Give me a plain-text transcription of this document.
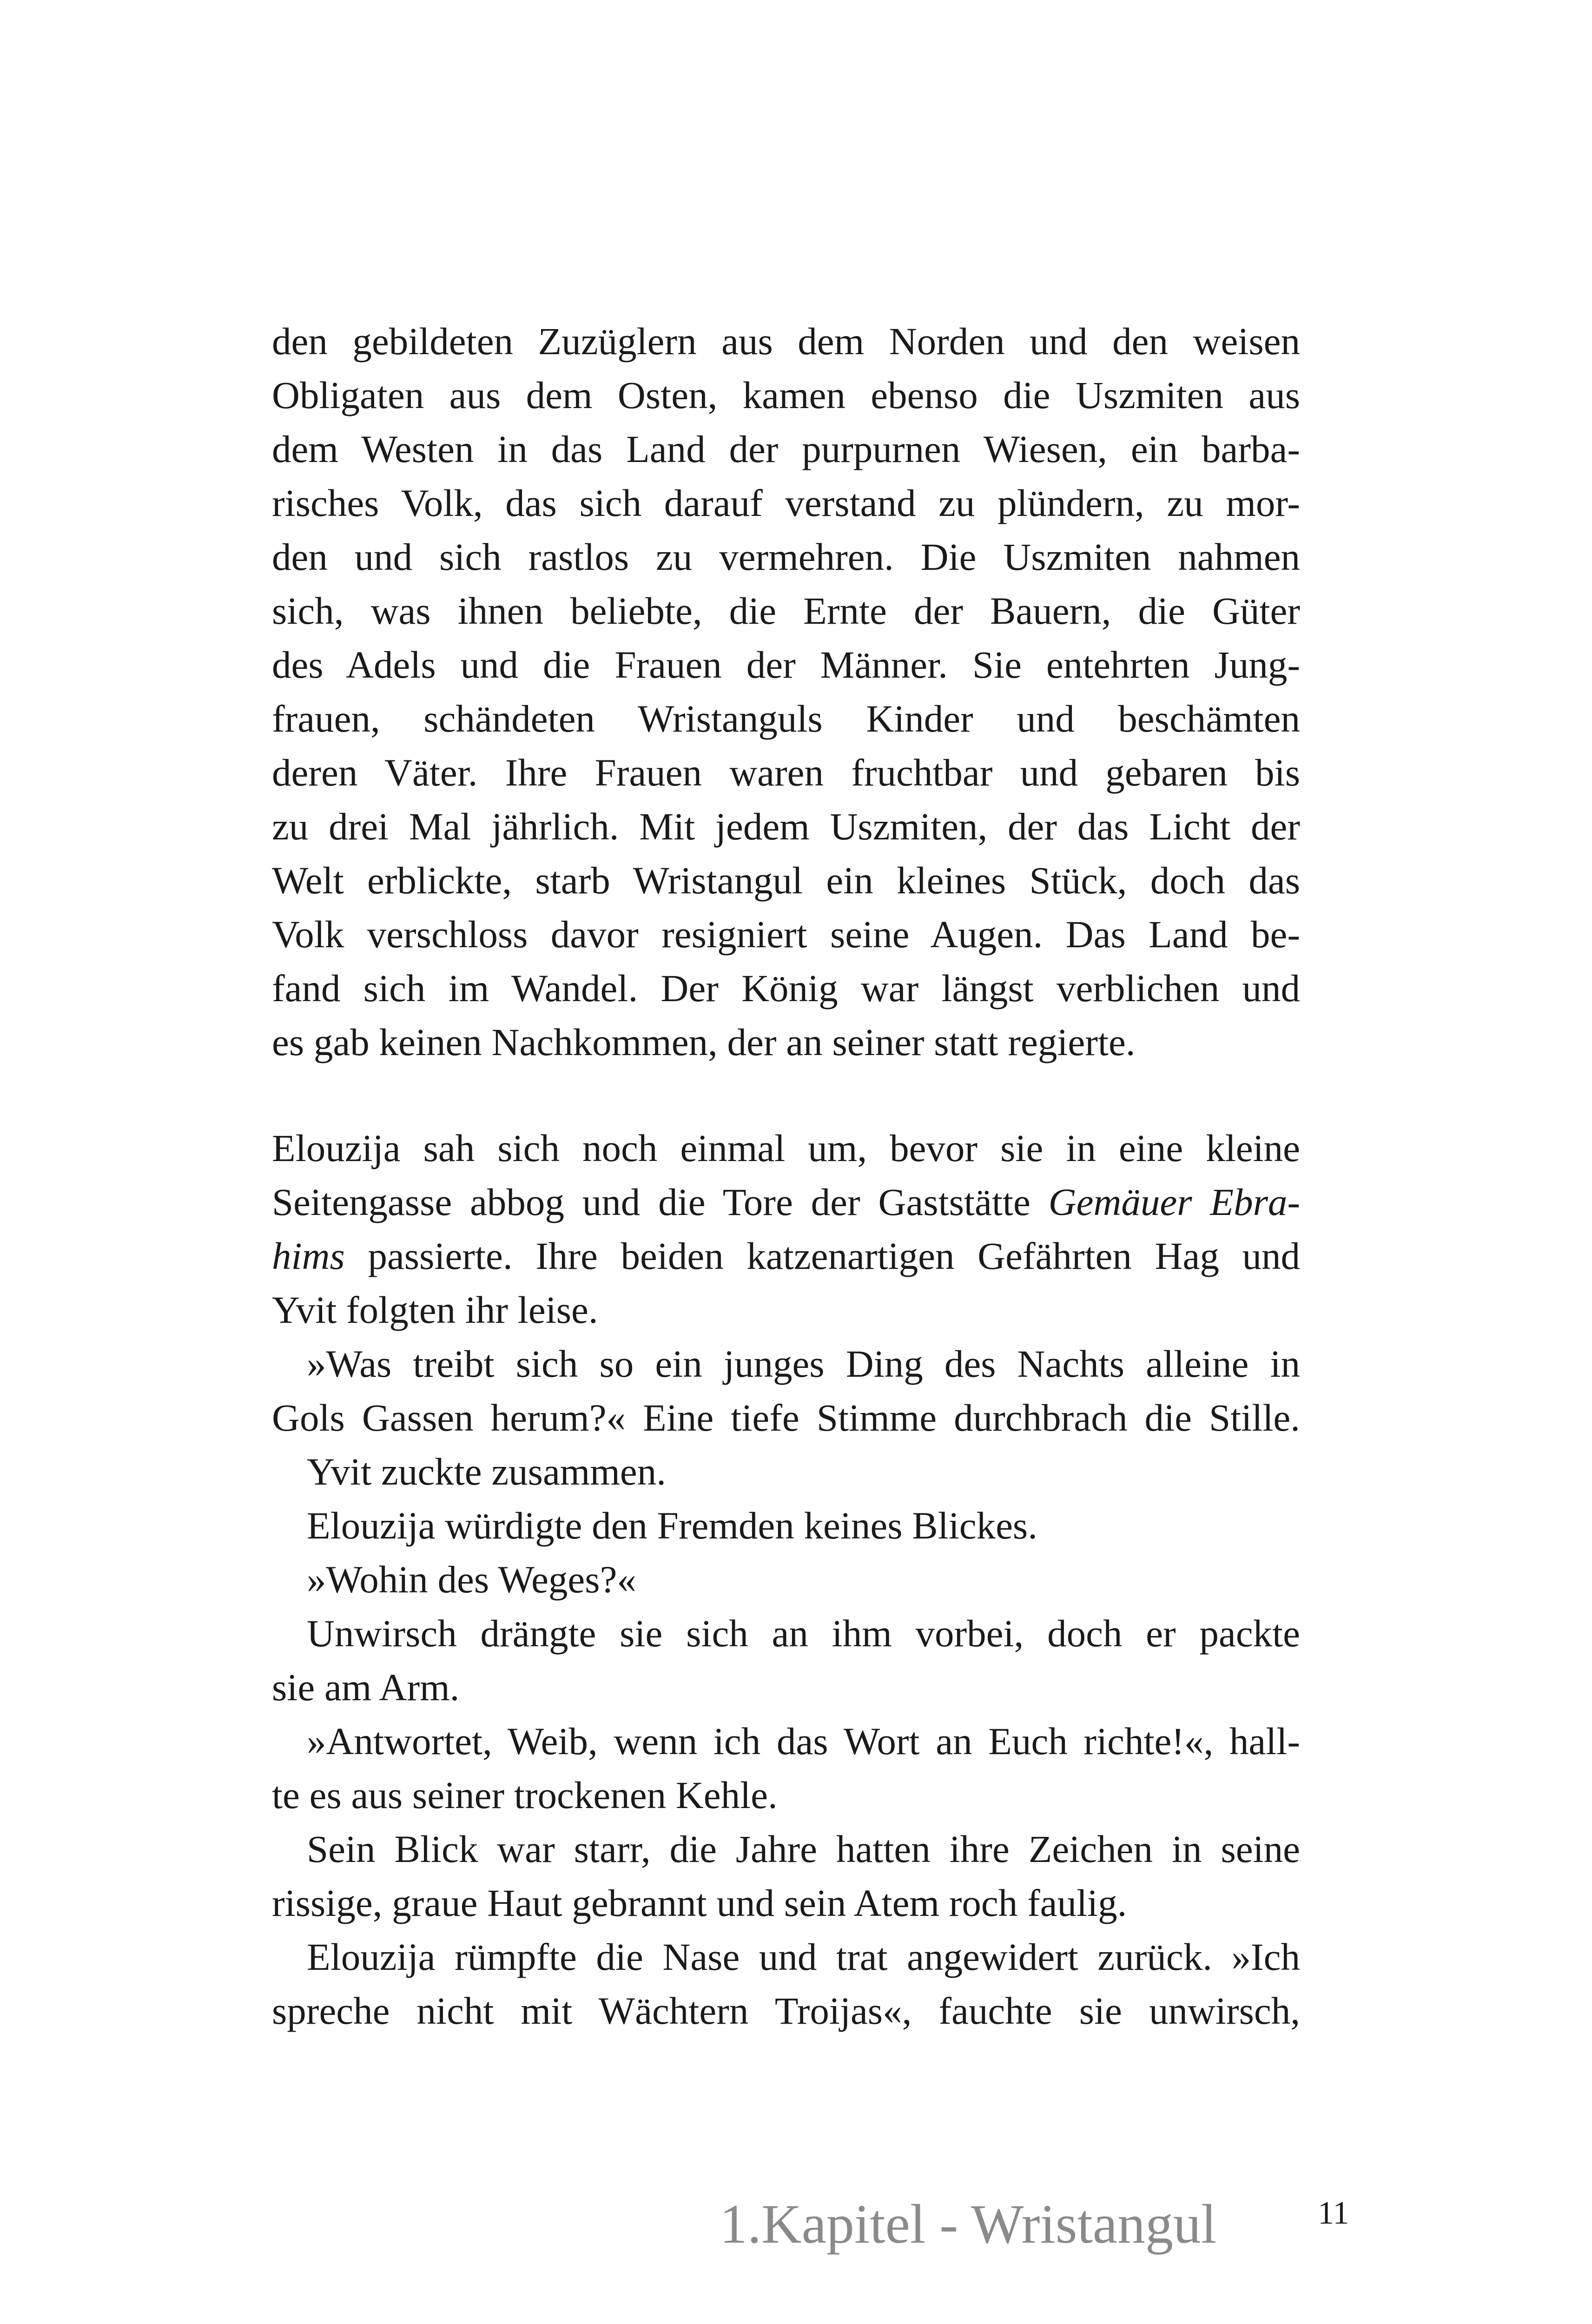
den gebildeten Zuzüglern aus dem Norden und den weisen
Obligaten aus dem Osten, kamen ebenso die Uszmiten aus
dem Westen in das Land der purpurnen Wiesen, ein barba-
risches Volk, das sich darauf verstand zu plündern, zu mor-
den und sich rastlos zu vermehren. Die Uszmiten nahmen
sich, was ihnen beliebte, die Ernte der Bauern, die Güter
des Adels und die Frauen der Männer. Sie entehrten Jung-
frauen, schändeten Wristanguls Kinder und beschämten
deren Väter. Ihre Frauen waren fruchtbar und gebaren bis
zu drei Mal jährlich. Mit jedem Uszmiten, der das Licht der
Welt erblickte, starb Wristangul ein kleines Stück, doch das
Volk verschloss davor resigniert seine Augen. Das Land be-
fand sich im Wandel. Der König war längst verblichen und
es gab keinen Nachkommen, der an seiner statt regierte.
Elouzija sah sich noch einmal um, bevor sie in eine kleine
Seitengasse abbog und die Tore der Gaststätte Gemäuer Ebra-
hims passierte. Ihre beiden katzenartigen Gefährten Hag und
Yvit folgten ihr leise.
»Was treibt sich so ein junges Ding des Nachts alleine in
Gols Gassen herum?« Eine tiefe Stimme durchbrach die Stille.
Yvit zuckte zusammen.
Elouzija würdigte den Fremden keines Blickes.
»Wohin des Weges?«
Unwirsch drängte sie sich an ihm vorbei, doch er packte
sie am Arm.
»Antwortet, Weib, wenn ich das Wort an Euch richte!«, hall-
te es aus seiner trockenen Kehle.
Sein Blick war starr, die Jahre hatten ihre Zeichen in seine
rissige, graue Haut gebrannt und sein Atem roch faulig.
Elouzija rümpfte die Nase und trat angewidert zurück. »Ich
spreche nicht mit Wächtern Troijas«, fauchte sie unwirsch,
1.Kapitel - Wristangul	11
